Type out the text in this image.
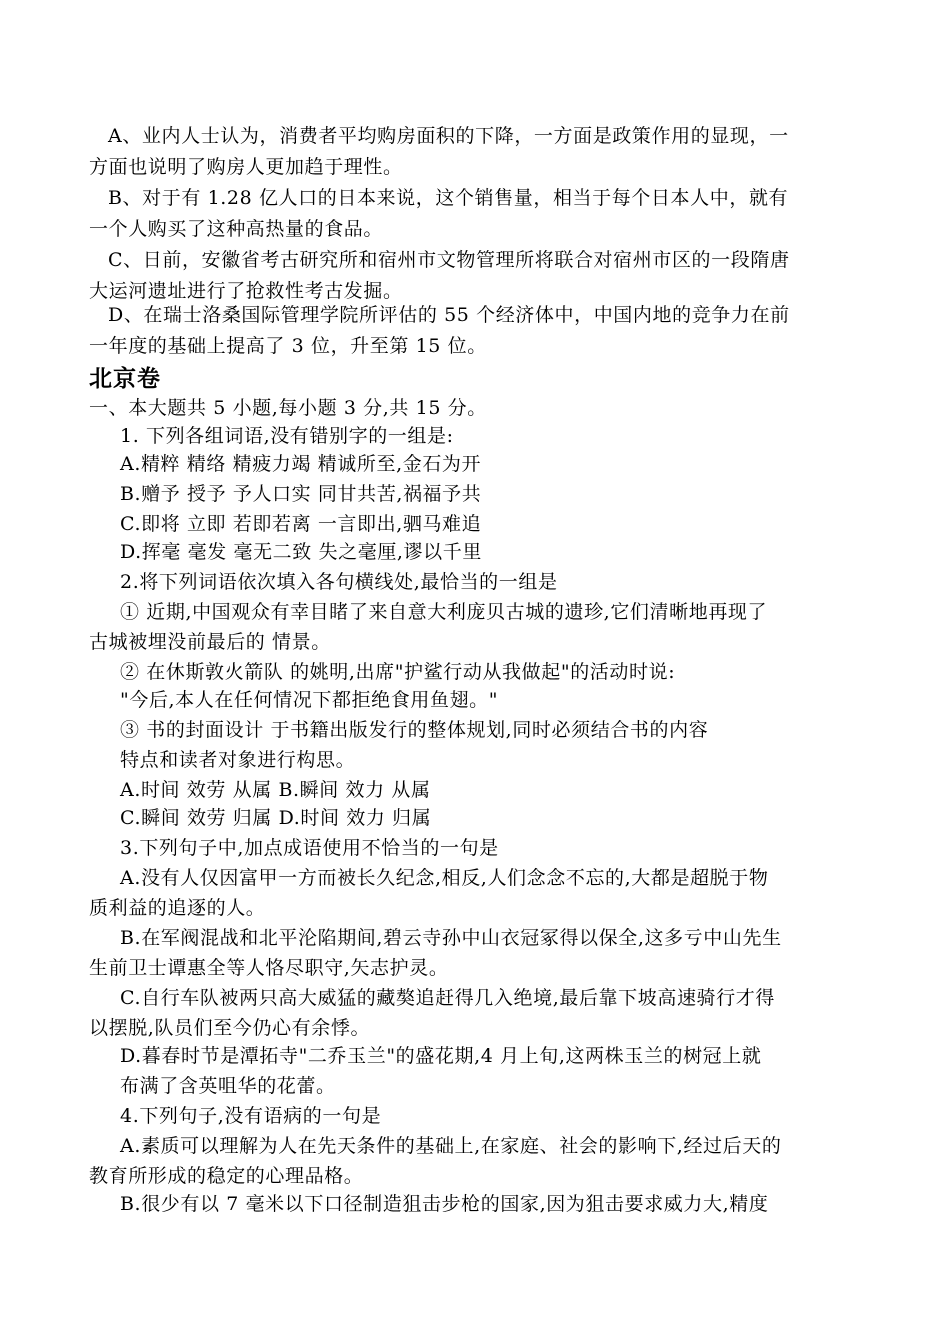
A、业内人士认为，消费者平均购房面积的下降，一方面是政策作用的显现，一
方面也说明了购房人更加趋于理性。
B、对于有 1.28 亿人口的日本来说，这个销售量，相当于每个日本人中，就有
一个人购买了这种高热量的食品。
C、日前，安徽省考古研究所和宿州市文物管理所将联合对宿州市区的一段隋唐
大运河遗址进行了抢救性考古发掘。
D、在瑞士洛桑国际管理学院所评估的 55 个经济体中，中国内地的竞争力在前
一年度的基础上提高了 3 位，升至第 15 位。
北京卷
一、本大题共 5 小题,每小题 3 分,共 15 分。
1. 下列各组词语,没有错别字的一组是:
A.精粹 精络 精疲力竭 精诚所至,金石为开
B.赠予 授予 予人口实 同甘共苦,祸福予共
C.即将 立即 若即若离 一言即出,驷马难追
D.挥毫 毫发 毫无二致 失之毫厘,谬以千里
2.将下列词语依次填入各句横线处,最恰当的一组是
① 近期,中国观众有幸目睹了来自意大利庞贝古城的遗珍,它们清晰地再现了
古城被埋没前最后的 情景。
② 在休斯敦火箭队 的姚明,出席"护鲨行动从我做起"的活动时说:
"今后,本人在任何情况下都拒绝食用鱼翅。"
③ 书的封面设计 于书籍出版发行的整体规划,同时必须结合书的内容
特点和读者对象进行构思。
A.时间 效劳 从属 B.瞬间 效力 从属
C.瞬间 效劳 归属 D.时间 效力 归属
3.下列句子中,加点成语使用不恰当的一句是
A.没有人仅因富甲一方而被长久纪念,相反,人们念念不忘的,大都是超脱于物
质利益的追逐的人。
B.在军阀混战和北平沦陷期间,碧云寺孙中山衣冠冢得以保全,这多亏中山先生
生前卫士谭惠全等人恪尽职守,矢志护灵。
C.自行车队被两只高大威猛的藏獒追赶得几入绝境,最后靠下坡高速骑行才得
以摆脱,队员们至今仍心有余悸。
D.暮春时节是潭拓寺"二乔玉兰"的盛花期,4 月上旬,这两株玉兰的树冠上就
布满了含英咀华的花蕾。
4.下列句子,没有语病的一句是
A.素质可以理解为人在先天条件的基础上,在家庭、社会的影响下,经过后天的
教育所形成的稳定的心理品格。
B.很少有以 7 毫米以下口径制造狙击步枪的国家,因为狙击要求威力大,精度
